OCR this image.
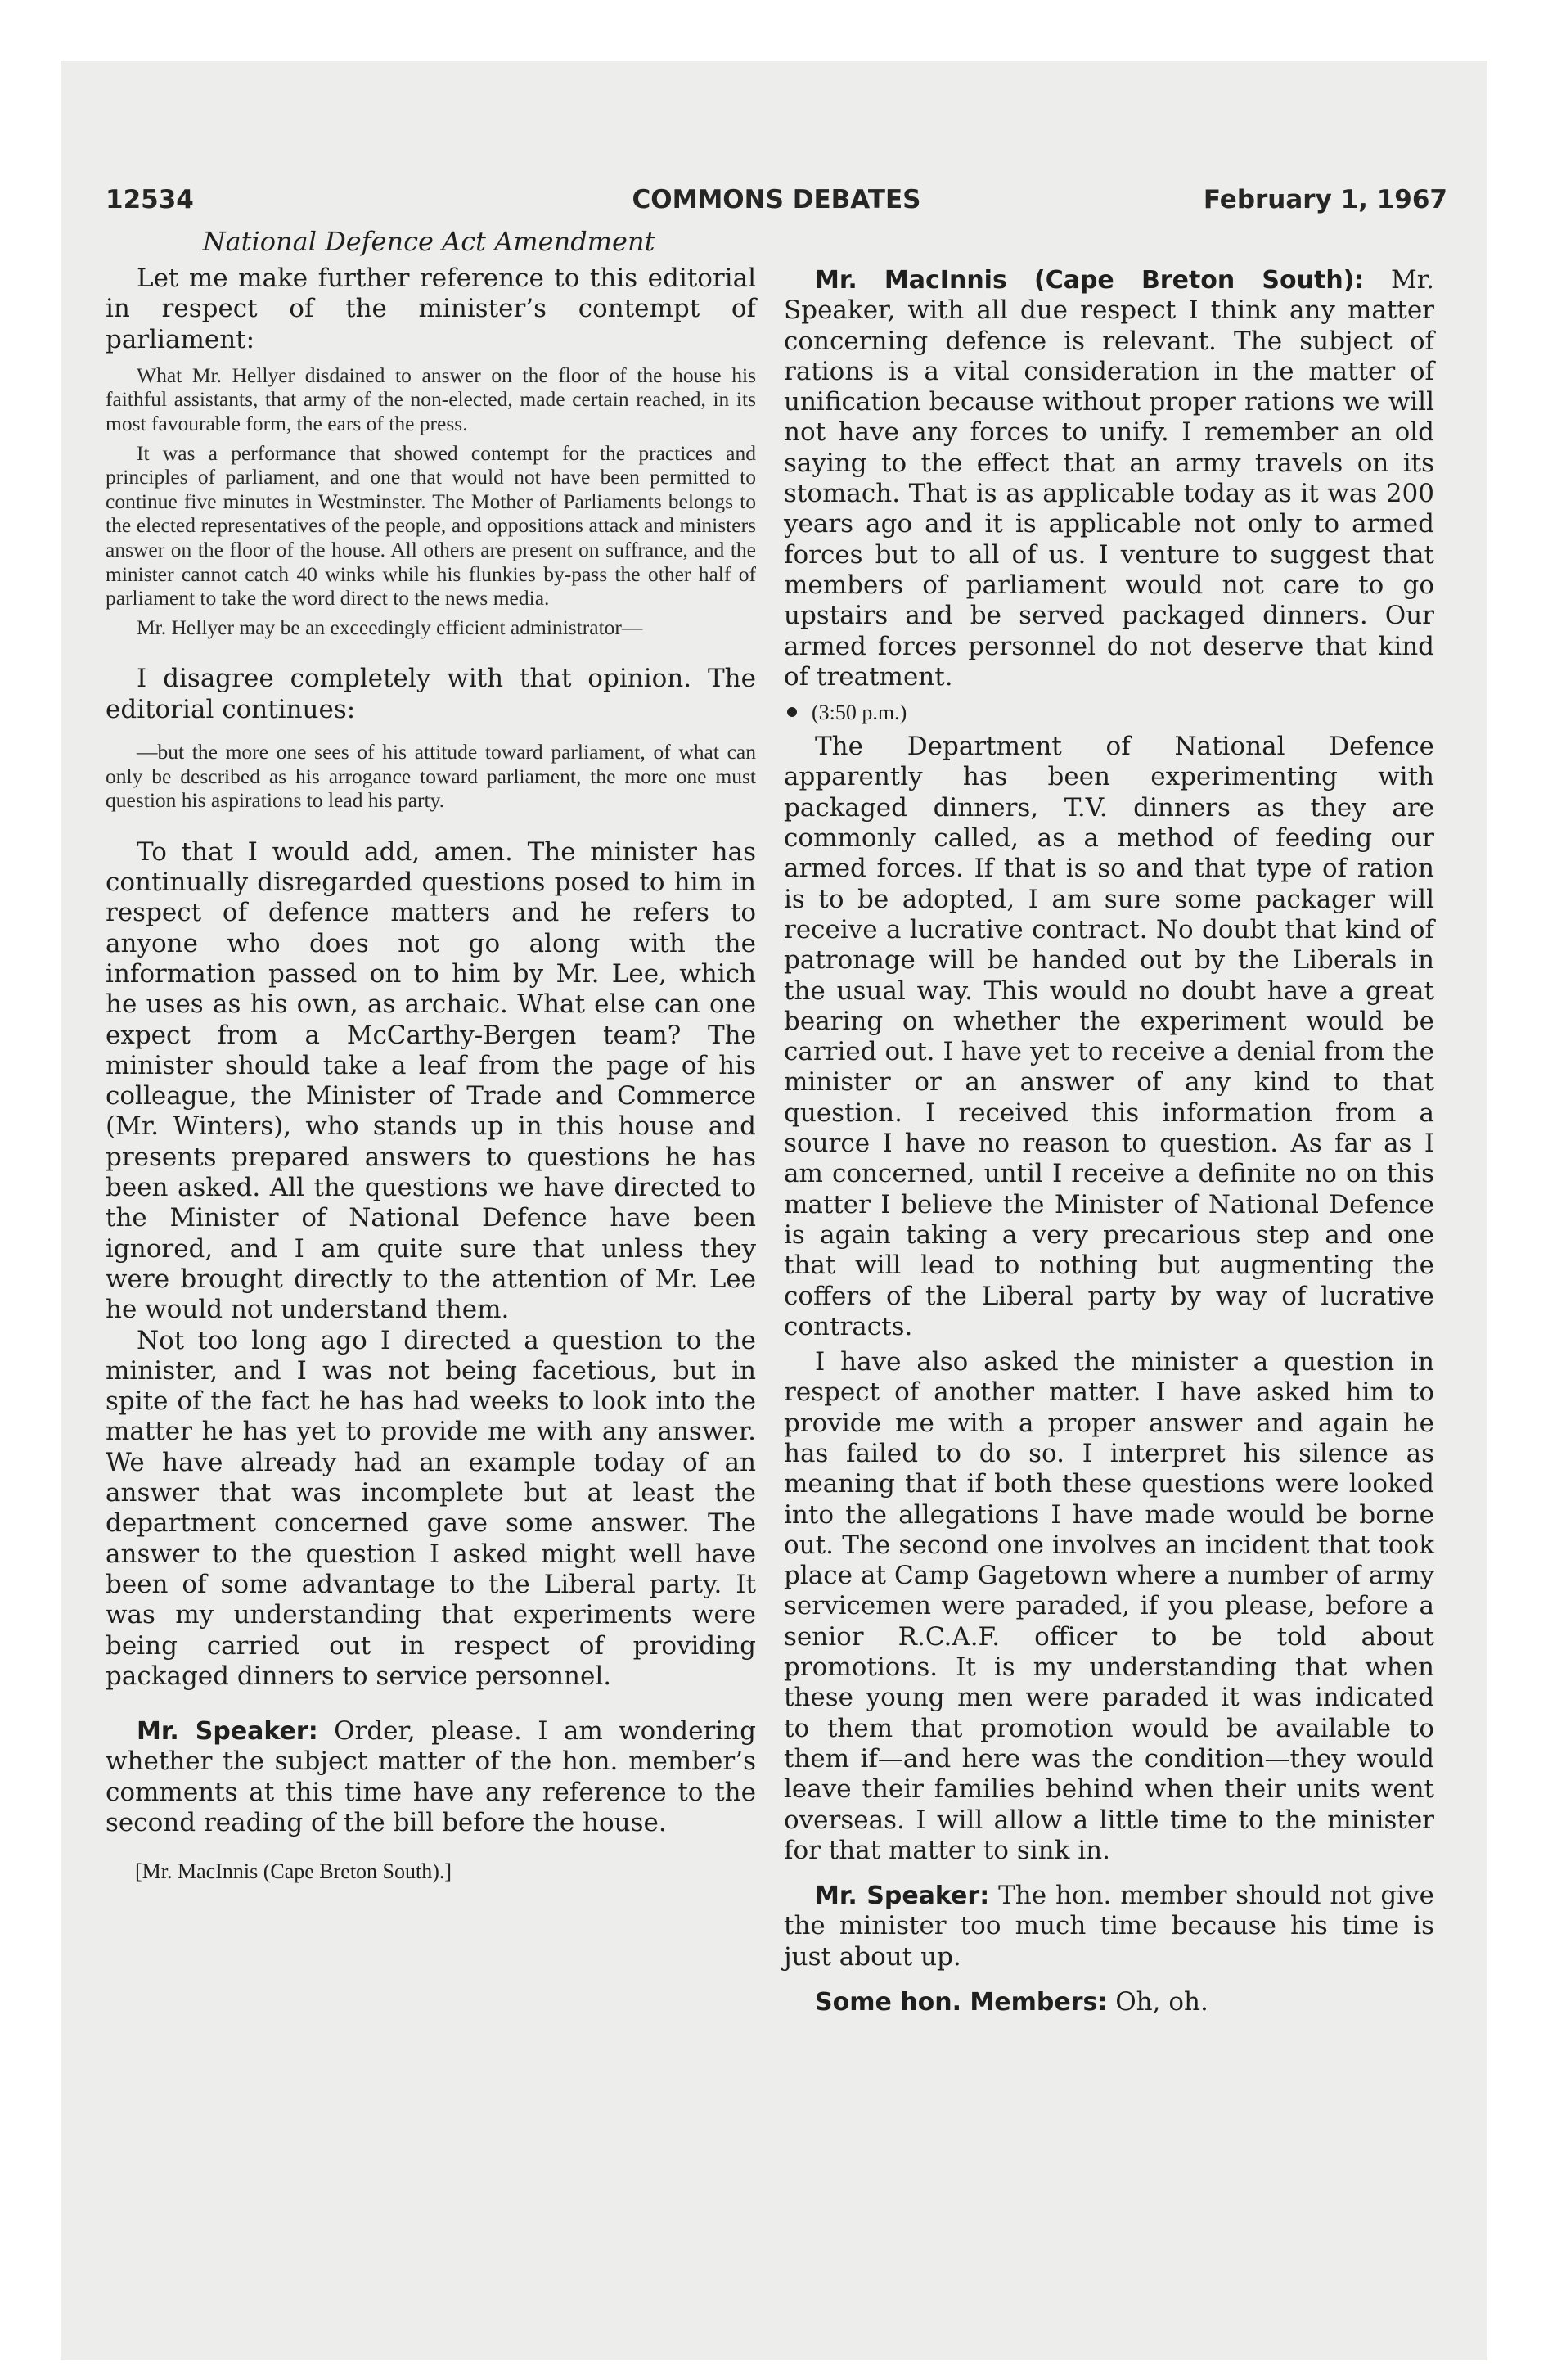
12534	COMMONS DEBATES	February 1, 1967
National Defence Act Amendment

Let me make further reference to this editorial in respect of the minister’s contempt of parliament:

What Mr. Hellyer disdained to answer on the floor of the house his faithful assistants, that army of the non-elected, made certain reached, in its most favourable form, the ears of the press.

It was a performance that showed contempt for the practices and principles of parliament, and one that would not have been permitted to continue five minutes in Westminster. The Mother of Parliaments belongs to the elected representatives of the people, and oppositions attack and ministers answer on the floor of the house. All others are present on suffrance, and the minister cannot catch 40 winks while his flunkies by-pass the other half of parliament to take the word direct to the news media.

Mr. Hellyer may be an exceedingly efficient administrator—

I disagree completely with that opinion. The editorial continues:

—but the more one sees of his attitude toward parliament, of what can only be described as his arrogance toward parliament, the more one must question his aspirations to lead his party.

To that I would add, amen. The minister has continually disregarded questions posed to him in respect of defence matters and he refers to anyone who does not go along with the information passed on to him by Mr. Lee, which he uses as his own, as archaic. What else can one expect from a McCarthy-Bergen team? The minister should take a leaf from the page of his colleague, the Minister of Trade and Commerce (Mr. Winters), who stands up in this house and presents prepared answers to questions he has been asked. All the questions we have directed to the Minister of National Defence have been ignored, and I am quite sure that unless they were brought directly to the attention of Mr. Lee he would not understand them.

Not too long ago I directed a question to the minister, and I was not being facetious, but in spite of the fact he has had weeks to look into the matter he has yet to provide me with any answer. We have already had an example today of an answer that was incomplete but at least the department concerned gave some answer. The answer to the question I asked might well have been of some advantage to the Liberal party. It was my understanding that experiments were being carried out in respect of providing packaged dinners to service personnel.

Mr. Speaker: Order, please. I am wondering whether the subject matter of the hon. member’s comments at this time have any reference to the second reading of the bill before the house.

[Mr. MacInnis (Cape Breton South).]

Mr. MacInnis (Cape Breton South): Mr. Speaker, with all due respect I think any matter concerning defence is relevant. The subject of rations is a vital consideration in the matter of unification because without proper rations we will not have any forces to unify. I remember an old saying to the effect that an army travels on its stomach. That is as applicable today as it was 200 years ago and it is applicable not only to armed forces but to all of us. I venture to suggest that members of parliament would not care to go upstairs and be served packaged dinners. Our armed forces personnel do not deserve that kind of treatment.

(3:50 p.m.)

The Department of National Defence apparently has been experimenting with packaged dinners, T.V. dinners as they are commonly called, as a method of feeding our armed forces. If that is so and that type of ration is to be adopted, I am sure some packager will receive a lucrative contract. No doubt that kind of patronage will be handed out by the Liberals in the usual way. This would no doubt have a great bearing on whether the experiment would be carried out. I have yet to receive a denial from the minister or an answer of any kind to that question. I received this information from a source I have no reason to question. As far as I am concerned, until I receive a definite no on this matter I believe the Minister of National Defence is again taking a very precarious step and one that will lead to nothing but augmenting the coffers of the Liberal party by way of lucrative contracts.

I have also asked the minister a question in respect of another matter. I have asked him to provide me with a proper answer and again he has failed to do so. I interpret his silence as meaning that if both these questions were looked into the allegations I have made would be borne out. The second one involves an incident that took place at Camp Gagetown where a number of army servicemen were paraded, if you please, before a senior R.C.A.F. officer to be told about promotions. It is my understanding that when these young men were paraded it was indicated to them that promotion would be available to them if—and here was the condition—they would leave their families behind when their units went overseas. I will allow a little time to the minister for that matter to sink in.

Mr. Speaker: The hon. member should not give the minister too much time because his time is just about up.

Some hon. Members: Oh, oh.
